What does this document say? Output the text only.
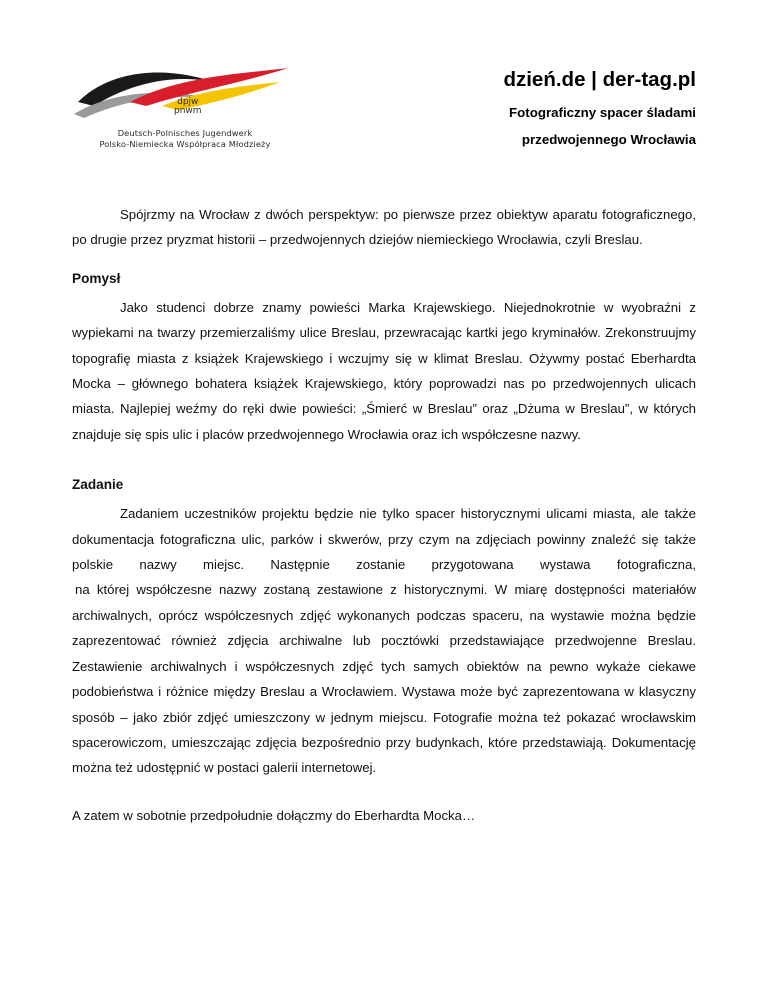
dpjw
pnwm
Deutsch-Polnisches Jugendwerk
Polsko-Niemiecka Współpraca Młodzieży
dzień.de | der-tag.pl
Fotograficzny spacer śladami
przedwojennego Wrocławia

Spójrzmy na Wrocław z dwóch perspektyw: po pierwsze przez obiektyw aparatu fotograficznego,

po drugie przez pryzmat historii – przedwojennych dziejów niemieckiego Wrocławia, czyli Breslau.

Pomysł

Jako studenci dobrze znamy powieści Marka Krajewskiego. Niejednokrotnie w wyobraźni z wypiekami na twarzy przemierzaliśmy ulice Breslau, przewracając kartki jego kryminałów. Zrekonstruujmy topografię miasta z książek Krajewskiego i wczujmy się w klimat Breslau. Ożywmy postać Eberhardta Mocka – głównego bohatera książek Krajewskiego, który poprowadzi nas po przedwojennych ulicach miasta. Najlepiej weźmy do ręki dwie powieści: „Śmierć w Breslau” oraz „Dżuma w Breslau”, w których znajduje się spis ulic i placów przedwojennego Wrocławia oraz ich współczesne nazwy.

Zadanie

Zadaniem uczestników projektu będzie nie tylko spacer historycznymi ulicami miasta, ale także dokumentacja fotograficzna ulic, parków i skwerów, przy czym na zdjęciach powinny znaleźć się także polskie nazwy miejsc. Następnie zostanie przygotowana wystawa fotograficzna,

na której współczesne nazwy zostaną zestawione z historycznymi. W miarę dostępności materiałów archiwalnych, oprócz współczesnych zdjęć wykonanych podczas spaceru, na wystawie można będzie zaprezentować również zdjęcia archiwalne lub pocztówki przedstawiające przedwojenne Breslau. Zestawienie archiwalnych i współczesnych zdjęć tych samych obiektów na pewno wykaże ciekawe podobieństwa i różnice między Breslau a Wrocławiem. Wystawa może być zaprezentowana w klasyczny sposób – jako zbiór zdjęć umieszczony w jednym miejscu. Fotografie można też pokazać wrocławskim spacerowiczom, umieszczając zdjęcia bezpośrednio przy budynkach, które przedstawiają. Dokumentację można też udostępnić w postaci galerii internetowej.

A zatem w sobotnie przedpołudnie dołączmy do Eberhardta Mocka…
